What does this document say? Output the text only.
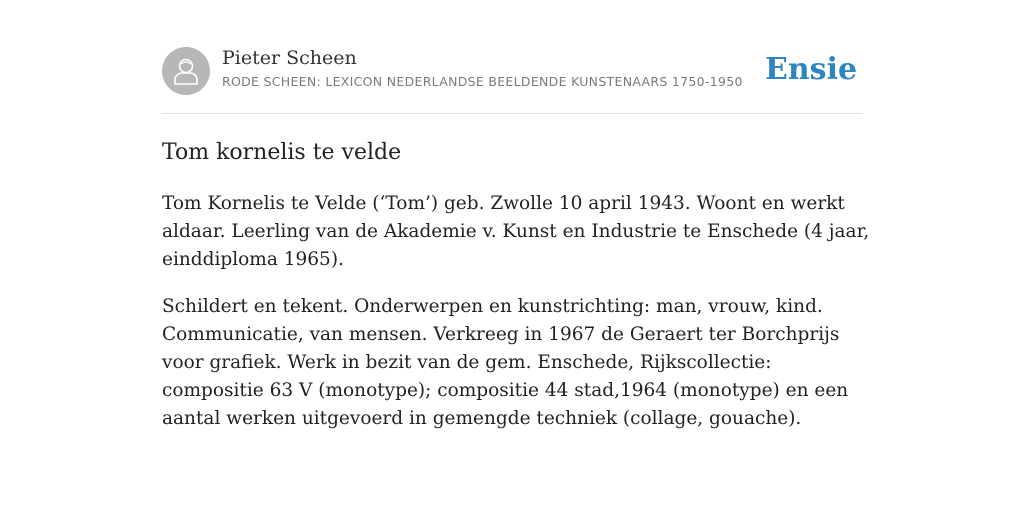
Pieter Scheen
RODE SCHEEN: LEXICON NEDERLANDSE BEELDENDE KUNSTENAARS 1750-1950 Ensie
Tom kornelis te velde

Tom Kornelis te Velde (‘Tom’) geb. Zwolle 10 april 1943. Woont en werkt aldaar. Leerling van de Akademie v. Kunst en Industrie te Enschede (4 jaar, einddiploma 1965).

Schildert en tekent. Onderwerpen en kunstrichting: man, vrouw, kind. Communicatie, van mensen. Verkreeg in 1967 de Geraert ter Borchprijs voor grafiek. Werk in bezit van de gem. Enschede, Rijkscollectie: compositie 63 V (monotype); compositie 44 stad,1964 (monotype) en een aantal werken uitgevoerd in gemengde techniek (collage, gouache).
